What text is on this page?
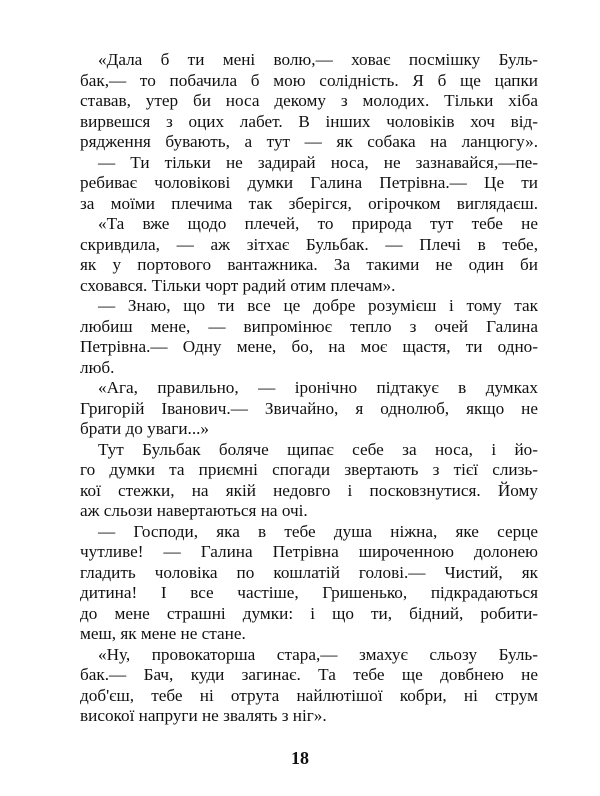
«Дала б ти мені волю,— ховає посмішку Буль-
бак,— то побачила б мою солідність. Я б ще цапки
ставав, утер би носа декому з молодих. Тільки хіба
вирвешся з оцих лабет. В інших чоловіків хоч від-
рядження бувають, а тут — як собака на ланцюгу».
— Ти тільки не задирай носа, не зазнавайся,—пе-
ребиває чоловікові думки Галина Петрівна.— Це ти
за моїми плечима так зберігся, огірочком виглядаєш.
«Та вже щодо плечей, то природа тут тебе не
скривдила, — аж зітхає Бульбак. — Плечі в тебе,
як у портового вантажника. За такими не один би
сховався. Тільки чорт радий отим плечам».
— Знаю, що ти все це добре розумієш і тому так
любиш мене, — випромінює тепло з очей Галина
Петрівна.— Одну мене, бо, на моє щастя, ти одно-
люб.
«Ага, правильно, — іронічно підтакує в думках
Григорій Іванович.— Звичайно, я однолюб, якщо не
брати до уваги...»
Тут Бульбак боляче щипає себе за носа, і йо-
го думки та приємні спогади звертають з тієї слизь-
кої стежки, на якій недовго і посковзнутися. Йому
аж сльози навертаються на очі.
— Господи, яка в тебе душа ніжна, яке серце
чутливе! — Галина Петрівна широченною долонею
гладить чоловіка по кошлатій голові.— Чистий, як
дитина! І все частіше, Гришенько, підкрадаються
до мене страшні думки: і що ти, бідний, робити-
меш, як мене не стане.
«Ну, провокаторша стара,— змахує сльозу Буль-
бак.— Бач, куди загинає. Та тебе ще довбнею не
доб'єш, тебе ні отрута найлютішої кобри, ні струм
високої напруги не звалять з ніг».
18
